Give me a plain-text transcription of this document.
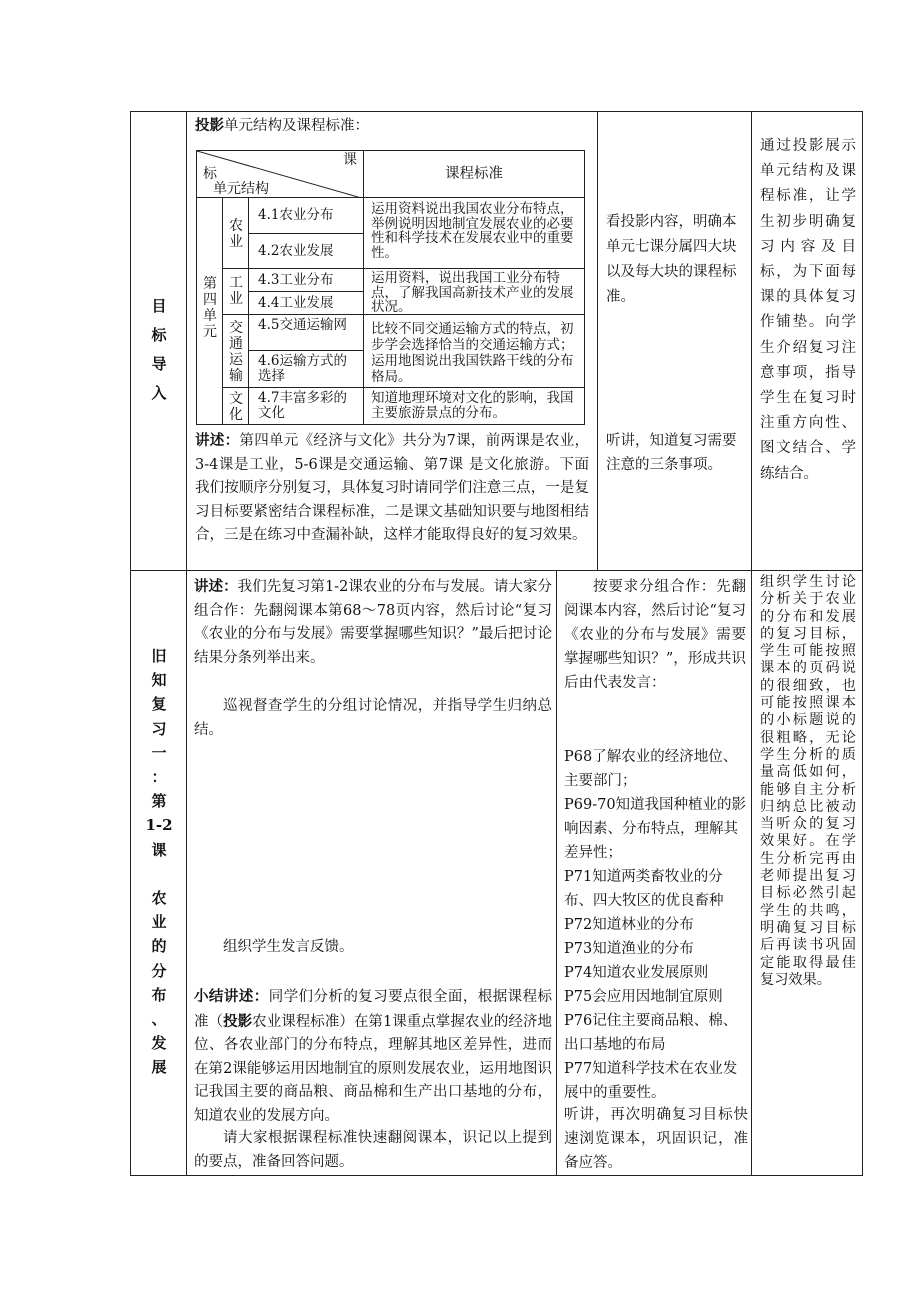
目标导入
投影单元结构及课程标准：
课
标
单元结构
课程标准
第四单元
农业
4.1农业分布
4.2农业发展
运用资料说出我国农业分布特点，举例说明因地制宜发展农业的必要性和科学技术在发展农业中的重要性。
工业
4.3工业分布
4.4工业发展
运用资料，说出我国工业分布特点，了解我国高新技术产业的发展状况。
交通运输
4.5交通运输网
4.6运输方式的选择
比较不同交通运输方式的特点，初步学会选择恰当的交通运输方式；运用地图说出我国铁路干线的分布格局。
文化
4.7丰富多彩的文化
知道地理环境对文化的影响，我国主要旅游景点的分布。
讲述：第四单元《经济与文化》共分为7课，前两课是农业，3-4课是工业，5-6课是交通运输、第7课 是文化旅游。下面我们按顺序分别复习，具体复习时请同学们注意三点，一是复习目标要紧密结合课程标准，二是课文基础知识要与地图相结合，三是在练习中查漏补缺，这样才能取得良好的复习效果。
看投影内容，明确本单元七课分属四大块以及每大块的课程标准。
听讲，知道复习需要注意的三条事项。
通过投影展示单元结构及课程标准，让学生初步明确复习内容及目标，为下面每课的具体复习作铺垫。向学生介绍复习注意事项，指导学生在复习时注重方向性、图文结合、学练结合。
旧
知
复
习
一
：
第
1-2
课

农
业
的
分
布
、
发
展
讲述：我们先复习第1-2课农业的分布与发展。请大家分组合作：先翻阅课本第68～78页内容，然后讨论“复习《农业的分布与发展》需要掌握哪些知识？”最后把讨论结果分条列举出来。
巡视督查学生的分组讨论情况，并指导学生归纳总结。
组织学生发言反馈。
小结讲述：同学们分析的复习要点很全面，根据课程标准（投影农业课程标准）在第1课重点掌握农业的经济地位、各农业部门的分布特点，理解其地区差异性，进而在第2课能够运用因地制宜的原则发展农业，运用地图识记我国主要的商品粮、商品棉和生产出口基地的分布，知道农业的发展方向。
请大家根据课程标准快速翻阅课本，识记以上提到的要点，准备回答问题。
按要求分组合作：先翻阅课本内容，然后讨论“复习《农业的分布与发展》需要掌握哪些知识？”，形成共识后由代表发言：

P68了解农业的经济地位、主要部门；

P69-70知道我国种植业的影响因素、分布特点，理解其差异性；

P71知道两类畜牧业的分布、四大牧区的优良畜种

P72知道林业的分布

P73知道渔业的分布

P74知道农业发展原则

P75会应用因地制宜原则

P76记住主要商品粮、棉、出口基地的布局

P77知道科学技术在农业发展中的重要性。

听讲，再次明确复习目标快速浏览课本，巩固识记，准备应答。
组织学生讨论分析关于农业的分布和发展的复习目标，学生可能按照课本的页码说的很细致，也可能按照课本的小标题说的很粗略，无论学生分析的质量高低如何，能够自主分析归纳总比被动当听众的复习效果好。在学生分析完再由老师提出复习目标必然引起学生的共鸣，明确复习目标后再读书巩固定能取得最佳复习效果。
